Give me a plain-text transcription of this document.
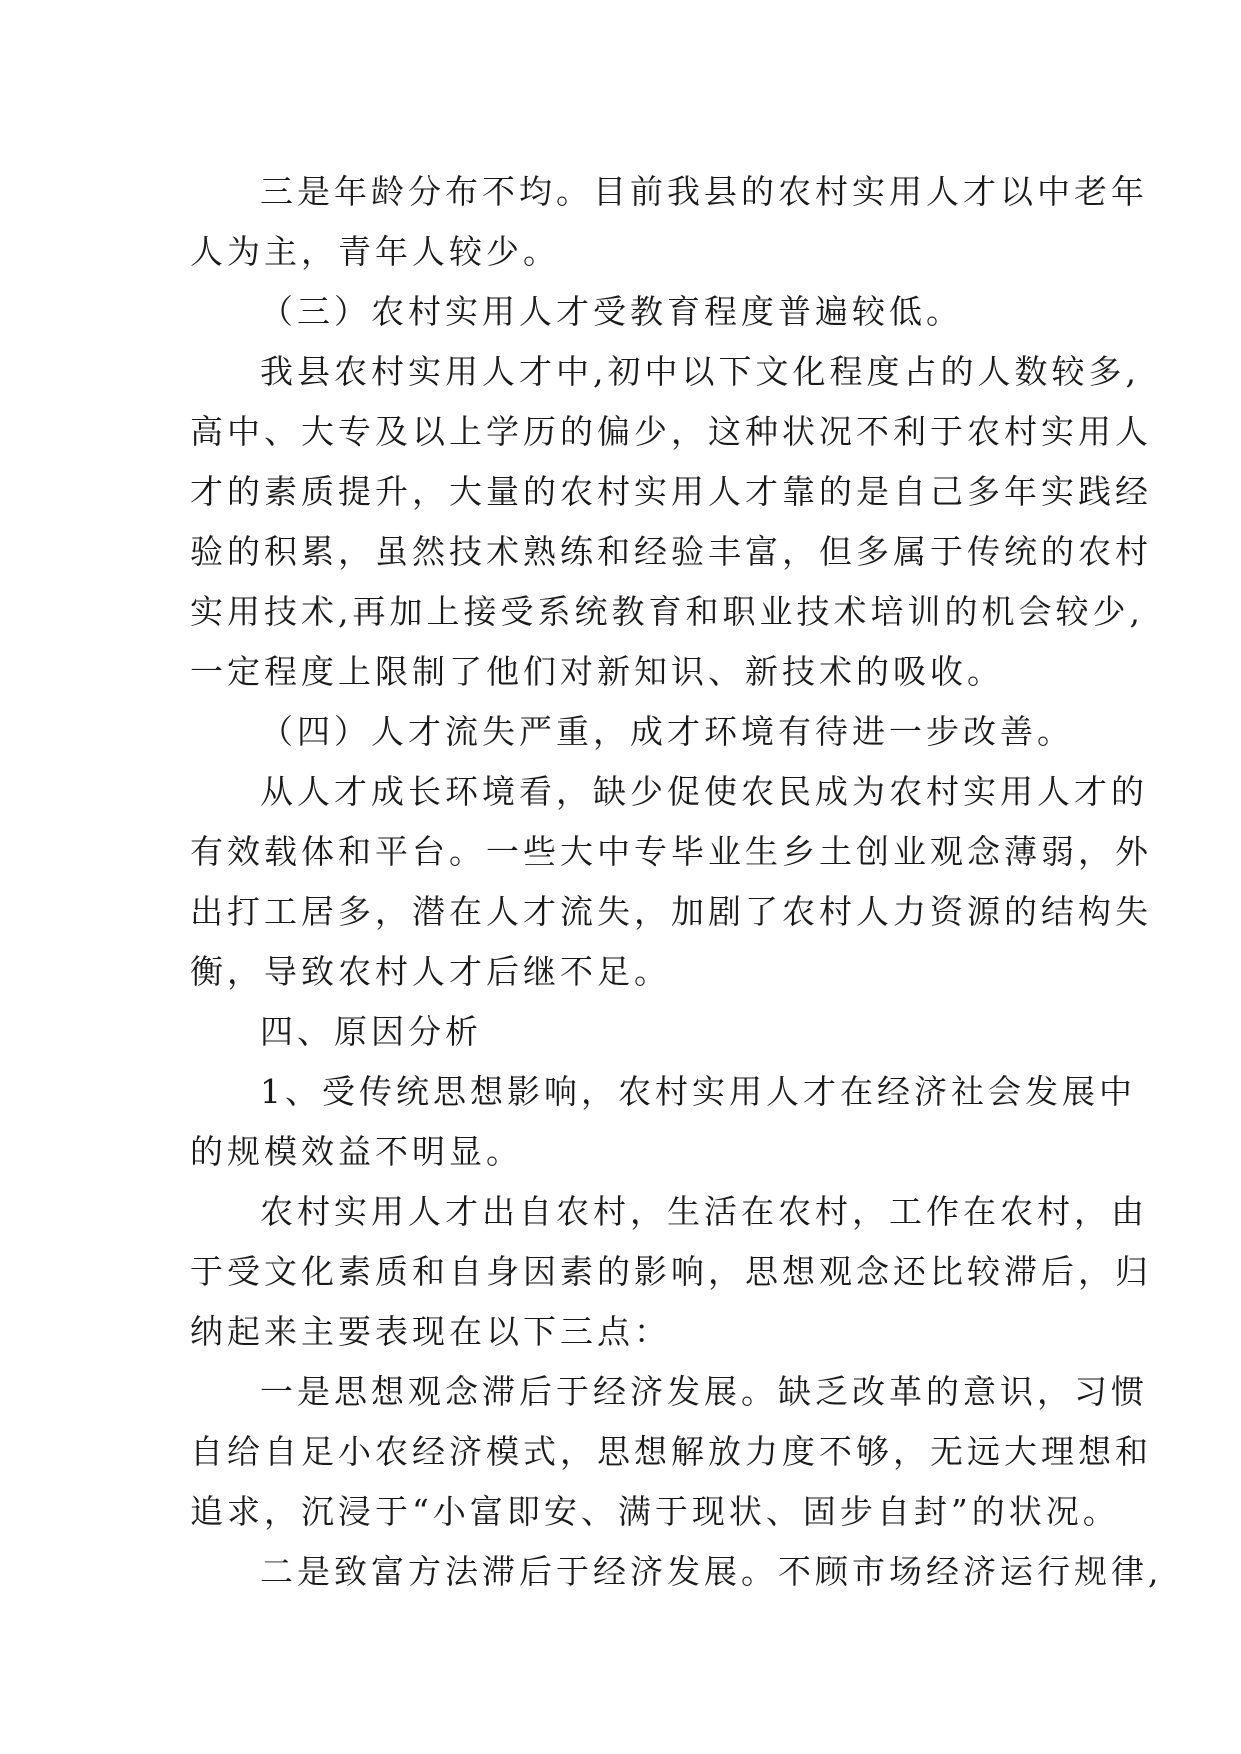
三是年龄分布不均。目前我县的农村实用人才以中老年
人为主，青年人较少。
（三）农村实用人才受教育程度普遍较低。
我县农村实用人才中,初中以下文化程度占的人数较多,
高中、大专及以上学历的偏少，这种状况不利于农村实用人
才的素质提升，大量的农村实用人才靠的是自己多年实践经
验的积累，虽然技术熟练和经验丰富，但多属于传统的农村
实用技术,再加上接受系统教育和职业技术培训的机会较少,
一定程度上限制了他们对新知识、新技术的吸收。
（四）人才流失严重，成才环境有待进一步改善。
从人才成长环境看，缺少促使农民成为农村实用人才的
有效载体和平台。一些大中专毕业生乡土创业观念薄弱，外
出打工居多，潜在人才流失，加剧了农村人力资源的结构失
衡，导致农村人才后继不足。
四、原因分析
1、受传统思想影响，农村实用人才在经济社会发展中
的规模效益不明显。
农村实用人才出自农村，生活在农村，工作在农村，由
于受文化素质和自身因素的影响，思想观念还比较滞后，归
纳起来主要表现在以下三点：
一是思想观念滞后于经济发展。缺乏改革的意识，习惯
自给自足小农经济模式，思想解放力度不够，无远大理想和
追求，沉浸于“小富即安、满于现状、固步自封”的状况。
二是致富方法滞后于经济发展。不顾市场经济运行规律,
